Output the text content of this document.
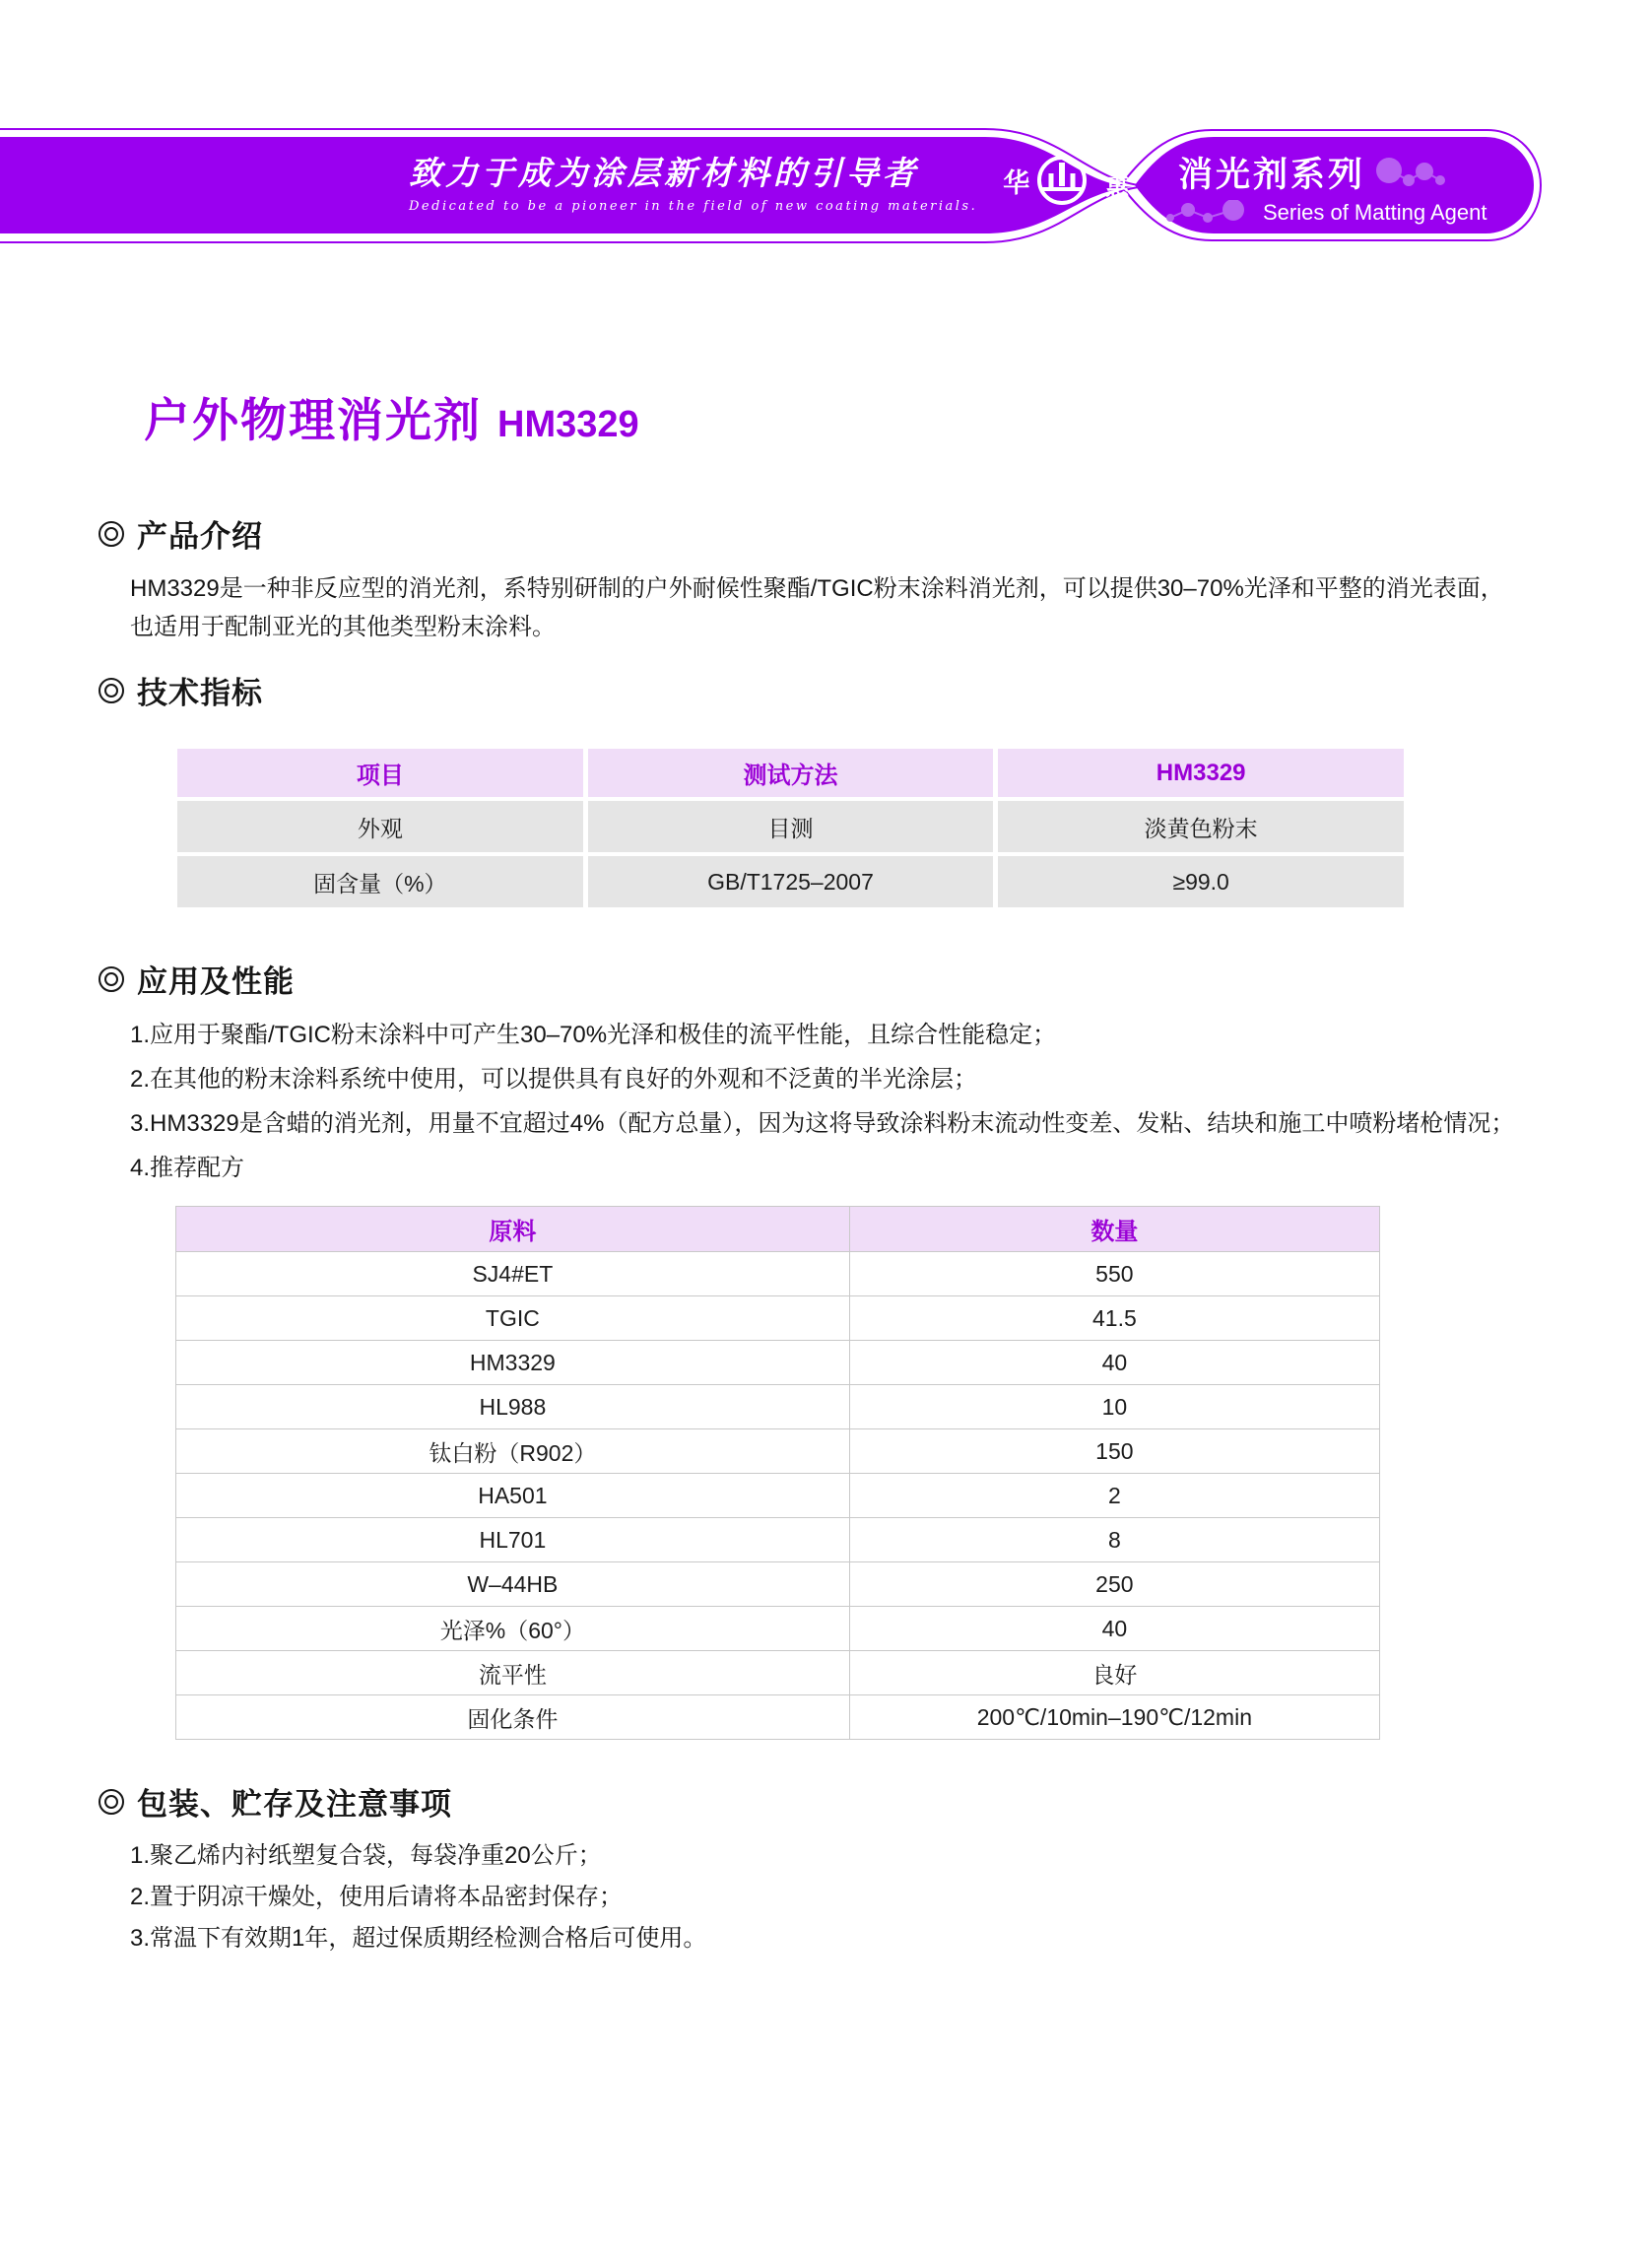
致力于成为涂层新材料的引导者
Dedicated to be a pioneer in the field of new coating materials.
华
®
惠 消光剂系列
Series of Matting Agent
户外物理消光剂 HM3329
产品介绍
HM3329是一种非反应型的消光剂，系特别研制的户外耐候性聚酯/TGIC粉末涂料消光剂，可以提供30–70%光泽和平整的消光表面，也适用于配制亚光的其他类型粉末涂料。
技术指标
项目	测试方法	HM3329
外观	目测	淡黄色粉末
固含量（%）	GB/T1725–2007	≥99.0
应用及性能
1.应用于聚酯/TGIC粉末涂料中可产生30–70%光泽和极佳的流平性能，且综合性能稳定；
2.在其他的粉末涂料系统中使用，可以提供具有良好的外观和不泛黄的半光涂层；
3.HM3329是含蜡的消光剂，用量不宜超过4%（配方总量），因为这将导致涂料粉末流动性变差、发粘、结块和施工中喷粉堵枪情况；
4.推荐配方
原料	数量
SJ4#ET	550
TGIC	41.5
HM3329	40
HL988	10
钛白粉（R902）	150
HA501	2
HL701	8
W–44HB	250
光泽%（60°）	40
流平性	良好
固化条件	200℃/10min–190℃/12min
包装、贮存及注意事项
1.聚乙烯内衬纸塑复合袋，每袋净重20公斤；
2.置于阴凉干燥处，使用后请将本品密封保存；
3.常温下有效期1年，超过保质期经检测合格后可使用。
